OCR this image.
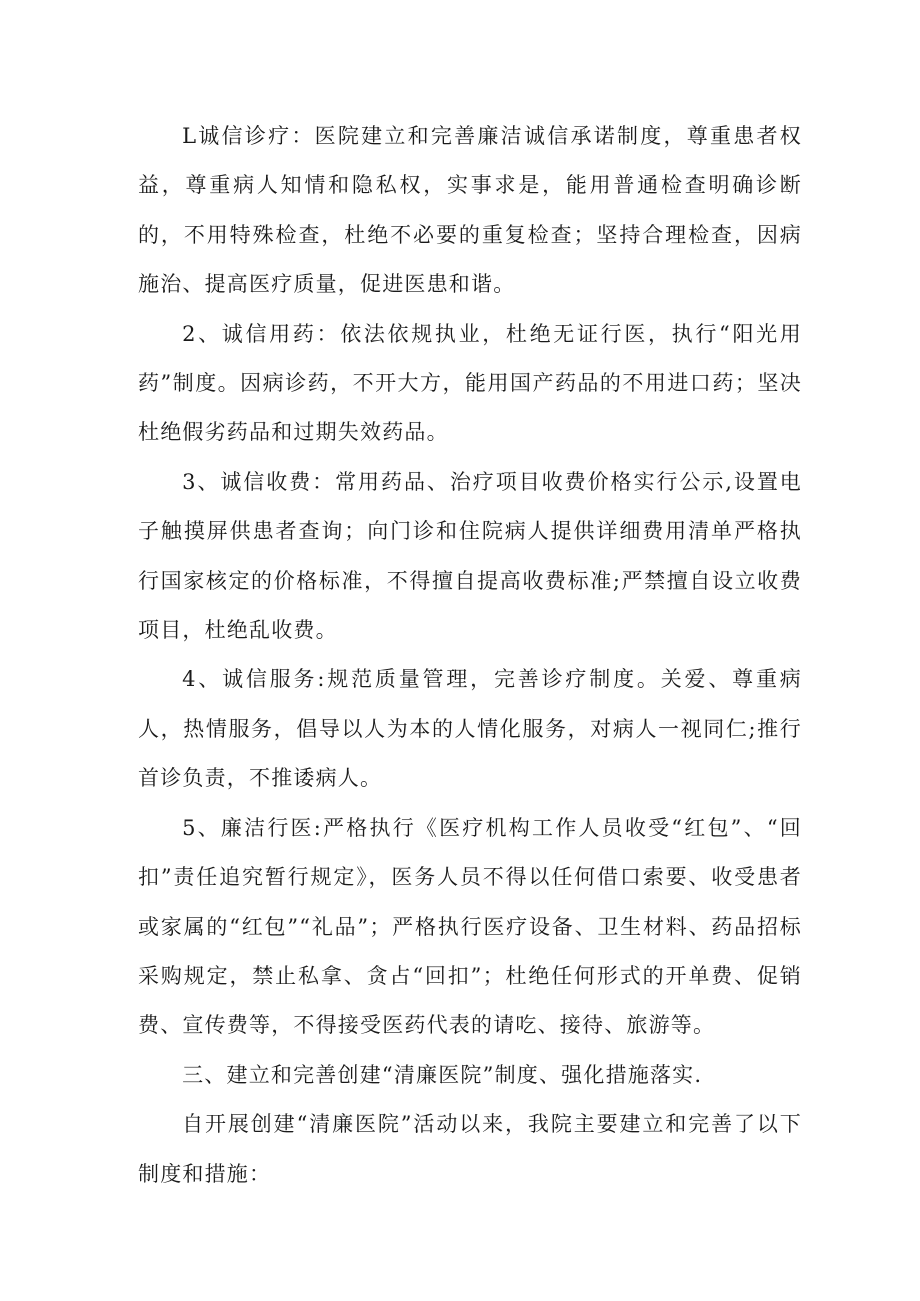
L诚信诊疗：医院建立和完善廉洁诚信承诺制度，尊重患者权益，尊重病人知情和隐私权，实事求是，能用普通检查明确诊断的，不用特殊检查，杜绝不必要的重复检查；坚持合理检查，因病施治、提高医疗质量，促进医患和谐。

2、诚信用药：依法依规执业，杜绝无证行医，执行“阳光用药”制度。因病诊药，不开大方，能用国产药品的不用进口药；坚决杜绝假劣药品和过期失效药品。

3、诚信收费：常用药品、治疗项目收费价格实行公示,设置电子触摸屏供患者查询；向门诊和住院病人提供详细费用清单严格执行国家核定的价格标准，不得擅自提高收费标准;严禁擅自设立收费项目，杜绝乱收费。

4、诚信服务:规范质量管理，完善诊疗制度。关爱、尊重病人，热情服务，倡导以人为本的人情化服务，对病人一视同仁;推行首诊负责，不推诿病人。

5、廉洁行医:严格执行《医疗机构工作人员收受“红包”、“回扣”责任追究暂行规定》，医务人员不得以任何借口索要、收受患者或家属的“红包”“礼品”；严格执行医疗设备、卫生材料、药品招标采购规定，禁止私拿、贪占“回扣”；杜绝任何形式的开单费、促销费、宣传费等，不得接受医药代表的请吃、接待、旅游等。

三、建立和完善创建“清廉医院”制度、强化措施落实.

自开展创建“清廉医院”活动以来，我院主要建立和完善了以下制度和措施：
